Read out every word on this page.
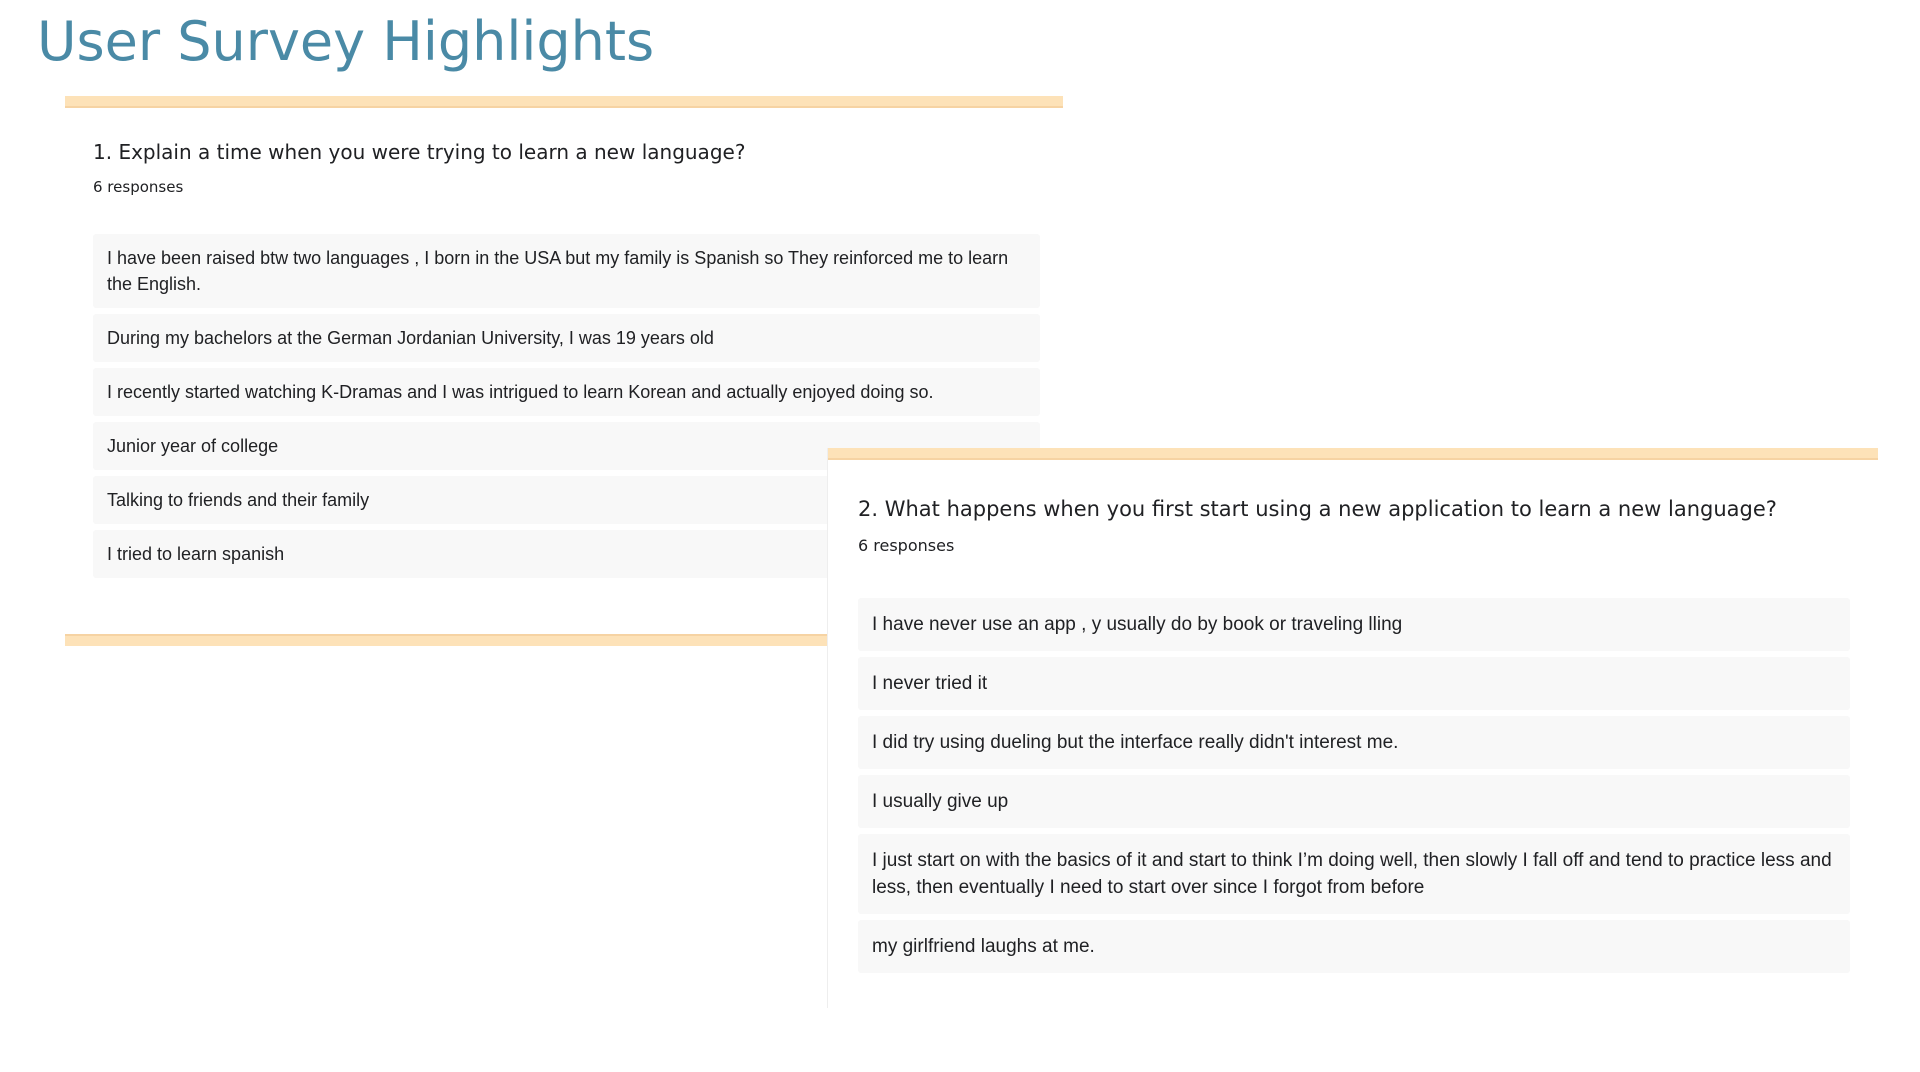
User Survey Highlights
1. Explain a time when you were trying to learn a new language?
6 responses
I have been raised btw two languages , I born in the USA but my family is Spanish so They reinforced me to learn the English.
During my bachelors at the German Jordanian University, I was 19 years old
I recently started watching K-Dramas and I was intrigued to learn Korean and actually enjoyed doing so.
Junior year of college
Talking to friends and their family
I tried to learn spanish
2. What happens when you first start using a new application to learn a new language?
6 responses
I have never use an app , y usually do by book or traveling lling
I never tried it
I did try using dueling but the interface really didn't interest me.
I usually give up
I just start on with the basics of it and start to think I’m doing well, then slowly I fall off and tend to practice less and less, then eventually I need to start over since I forgot from before
my girlfriend laughs at me.
